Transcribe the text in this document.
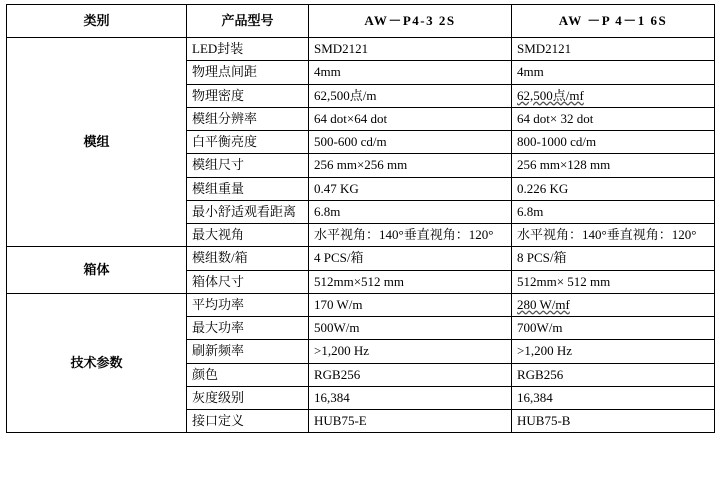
类别	产品型号	AW－P4-3 2S	AW －P 4－1 6S
模组	LED封装	SMD2121	SMD2121
	物理点间距	4mm	4mm
	物理密度	62,500点/m	62,500点/mf
	模组分辨率	64 dot×64 dot	64 dot× 32 dot
	白平衡亮度	500-600 cd/m	800-1000 cd/m
	模组尺寸	256 mm×256 mm	256 mm×128 mm
	模组重量	0.47 KG	0.226 KG
	最小舒适观看距离	6.8m	6.8m
	最大视角	水平视角：140°垂直视角：120°	水平视角：140°垂直视角：120°
箱体	模组数/箱	4 PCS/箱	8 PCS/箱
	箱体尺寸	512mm×512 mm	512mm× 512 mm
技术参数	平均功率	170 W/m	280 W/mf
	最大功率	500W/m	700W/m
	刷新频率	>1,200 Hz	>1,200 Hz
	颜色	RGB256	RGB256
	灰度级别	16,384	16,384
	接口定义	HUB75-E	HUB75-B
